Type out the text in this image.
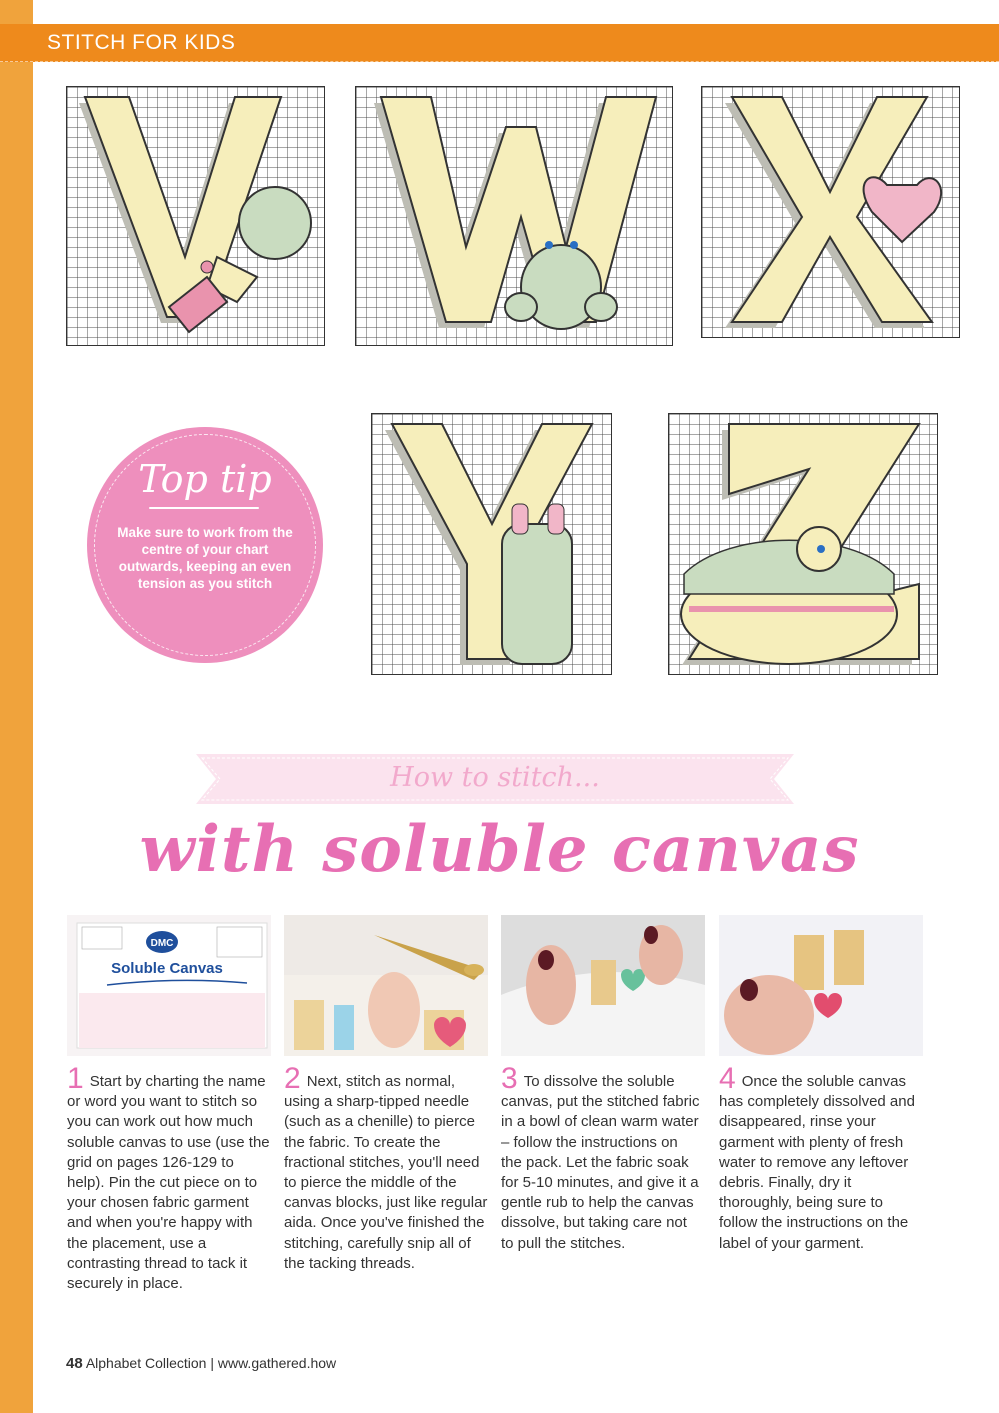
STITCH FOR KIDS
Top tip
Make sure to work from the centre of your chart outwards, keeping an even tension as you stitch
How to stitch...
with soluble canvas
DMC
Soluble Canvas
1 Start by charting the name or word you want to stitch so you can work out how much soluble canvas to use (use the grid on pages 126-129 to help). Pin the cut piece on to your chosen fabric garment and when you're happy with the placement, use a contrasting thread to tack it securely in place.
2 Next, stitch as normal, using a sharp-tipped needle (such as a chenille) to pierce the fabric. To create the fractional stitches, you'll need to pierce the middle of the canvas blocks, just like regular aida. Once you've finished the stitching, carefully snip all of the tacking threads.
3 To dissolve the soluble canvas, put the stitched fabric in a bowl of clean warm water – follow the instructions on the pack. Let the fabric soak for 5-10 minutes, and give it a gentle rub to help the canvas dissolve, but taking care not to pull the stitches.
4 Once the soluble canvas has completely dissolved and disappeared, rinse your garment with plenty of fresh water to remove any leftover debris. Finally, dry it thoroughly, being sure to follow the instructions on the label of your garment.
48 Alphabet Collection | www.gathered.how
